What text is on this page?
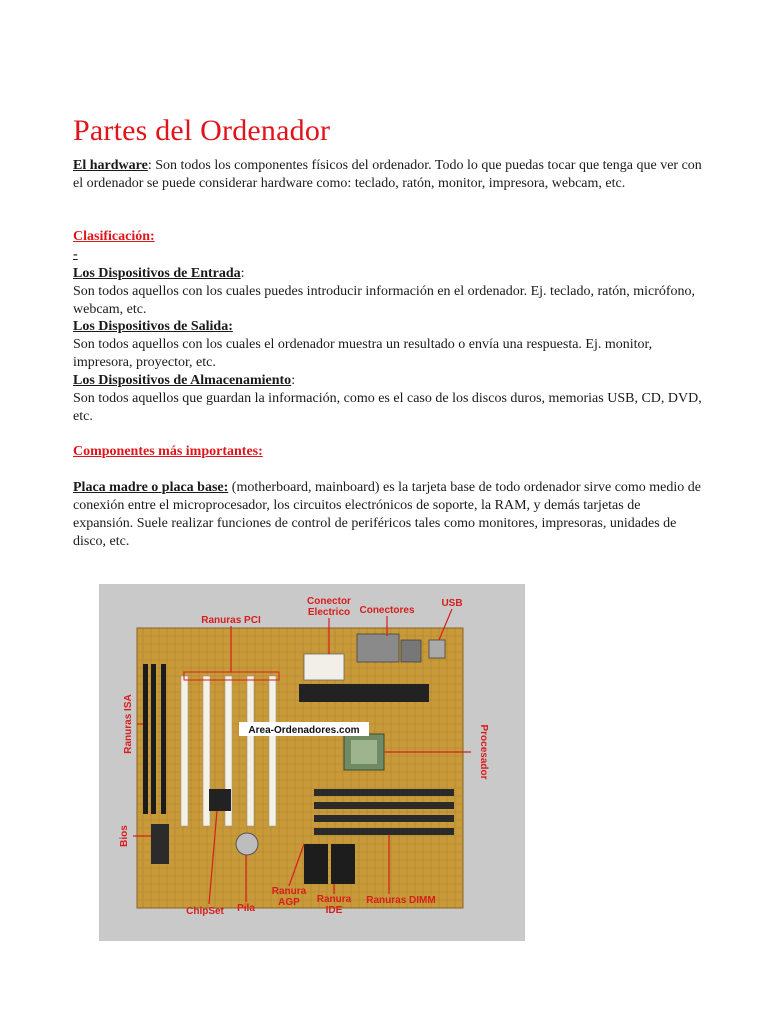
Partes del Ordenador
El hardware: Son todos los componentes físicos del ordenador. Todo lo que puedas tocar que tenga que ver con el ordenador se puede considerar hardware como: teclado, ratón, monitor, impresora, webcam, etc.
Clasificación:
-
Los Dispositivos de Entrada:
Son todos aquellos con los cuales puedes introducir información en el ordenador. Ej. teclado, ratón, micrófono, webcam, etc.
Los Dispositivos de Salida:
Son todos aquellos con los cuales el ordenador muestra un resultado o envía una respuesta. Ej. monitor, impresora, proyector, etc.
Los Dispositivos de Almacenamiento:
Son todos aquellos que guardan la información, como es el caso de los discos duros, memorias USB, CD, DVD, etc.
Componentes más importantes:
Placa madre o placa base: (motherboard, mainboard) es la tarjeta base de todo ordenador sirve como medio de conexión entre el microprocesador, los circuitos electrónicos de soporte, la RAM, y demás tarjetas de expansión. Suele realizar funciones de control de periféricos tales como monitores, impresoras, unidades de disco, etc.
Area-Ordenadores.com
Conector
Electrico Conectores
USB
Ranuras PCI
Ranuras ISA	Procesador
Bios
ChipSet Pila
Ranura
AGP Ranura
IDE
Ranuras DIMM
